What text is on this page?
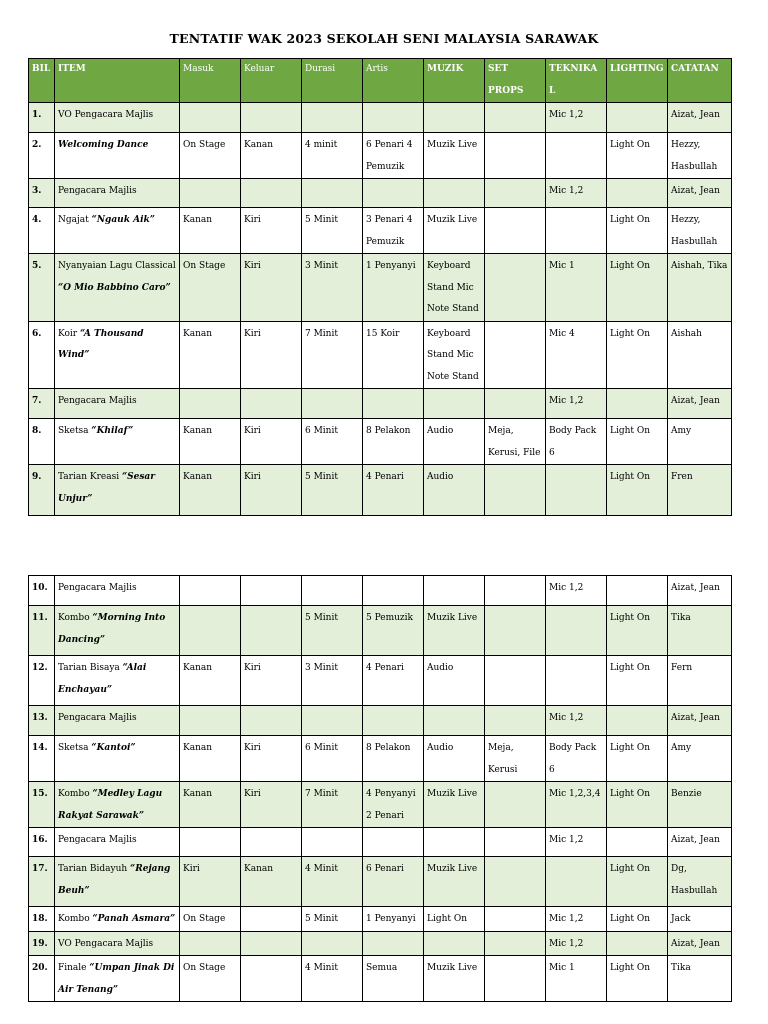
TENTATIF WAK 2023 SEKOLAH SENI MALAYSIA SARAWAK
BIL	ITEM	Masuk	Keluar	Durasi	Artis	MUZIK	SET PROPS	TEKNIKAL	LIGHTING	CATATAN
1.	VO Pengacara Majlis							Mic 1,2		Aizat, Jean
2.	Welcoming Dance	On Stage	Kanan	4 minit	6 Penari 4 Pemuzik	Muzik Live			Light On	Hezzy, Hasbullah
3.	Pengacara Majlis							Mic 1,2		Aizat, Jean
4.	Ngajat “Ngauk Aik”	Kanan	Kiri	5 Minit	3 Penari 4 Pemuzik	Muzik Live			Light On	Hezzy, Hasbullah
5.	Nyanyaian Lagu Classical “O Mio Babbino Caro”	On Stage	Kiri	3 Minit	1 Penyanyi	Keyboard Stand Mic Note Stand		Mic 1	Light On	Aishah, Tika
6.	Koir “A Thousand Wind”	Kanan	Kiri	7 Minit	15 Koir	Keyboard Stand Mic Note Stand		Mic 4	Light On	Aishah
7.	Pengacara Majlis							Mic 1,2		Aizat, Jean
8.	Sketsa “Khilaf”	Kanan	Kiri	6 Minit	8 Pelakon	Audio	Meja, Kerusi, File	Body Pack 6	Light On	Amy
9.	Tarian Kreasi “Sesar Unjur”	Kanan	Kiri	5 Minit	4 Penari	Audio			Light On	Fren
10.	Pengacara Majlis							Mic 1,2		Aizat, Jean
11.	Kombo “Morning Into Dancing”			5 Minit	5 Pemuzik	Muzik Live			Light On	Tika
12.	Tarian Bisaya “Alai Enchayau”	Kanan	Kiri	3 Minit	4 Penari	Audio			Light On	Fern
13.	Pengacara Majlis							Mic 1,2		Aizat, Jean
14.	Sketsa “Kantoi”	Kanan	Kiri	6 Minit	8 Pelakon	Audio	Meja, Kerusi	Body Pack 6	Light On	Amy
15.	Kombo “Medley Lagu Rakyat Sarawak”	Kanan	Kiri	7 Minit	4 Penyanyi 2 Penari	Muzik Live		Mic 1,2,3,4	Light On	Benzie
16.	Pengacara Majlis							Mic 1,2		Aizat, Jean
17.	Tarian Bidayuh “Rejang Beuh”	Kiri	Kanan	4 Minit	6 Penari	Muzik Live			Light On	Dg, Hasbullah
18.	Kombo “Panah Asmara”	On Stage		5 Minit	1 Penyanyi	Light On		Mic 1,2	Light On	Jack
19.	VO Pengacara Majlis							Mic 1,2		Aizat, Jean
20.	Finale “Umpan Jinak Di Air Tenang”	On Stage		4 Minit	Semua	Muzik Live		Mic 1	Light On	Tika
